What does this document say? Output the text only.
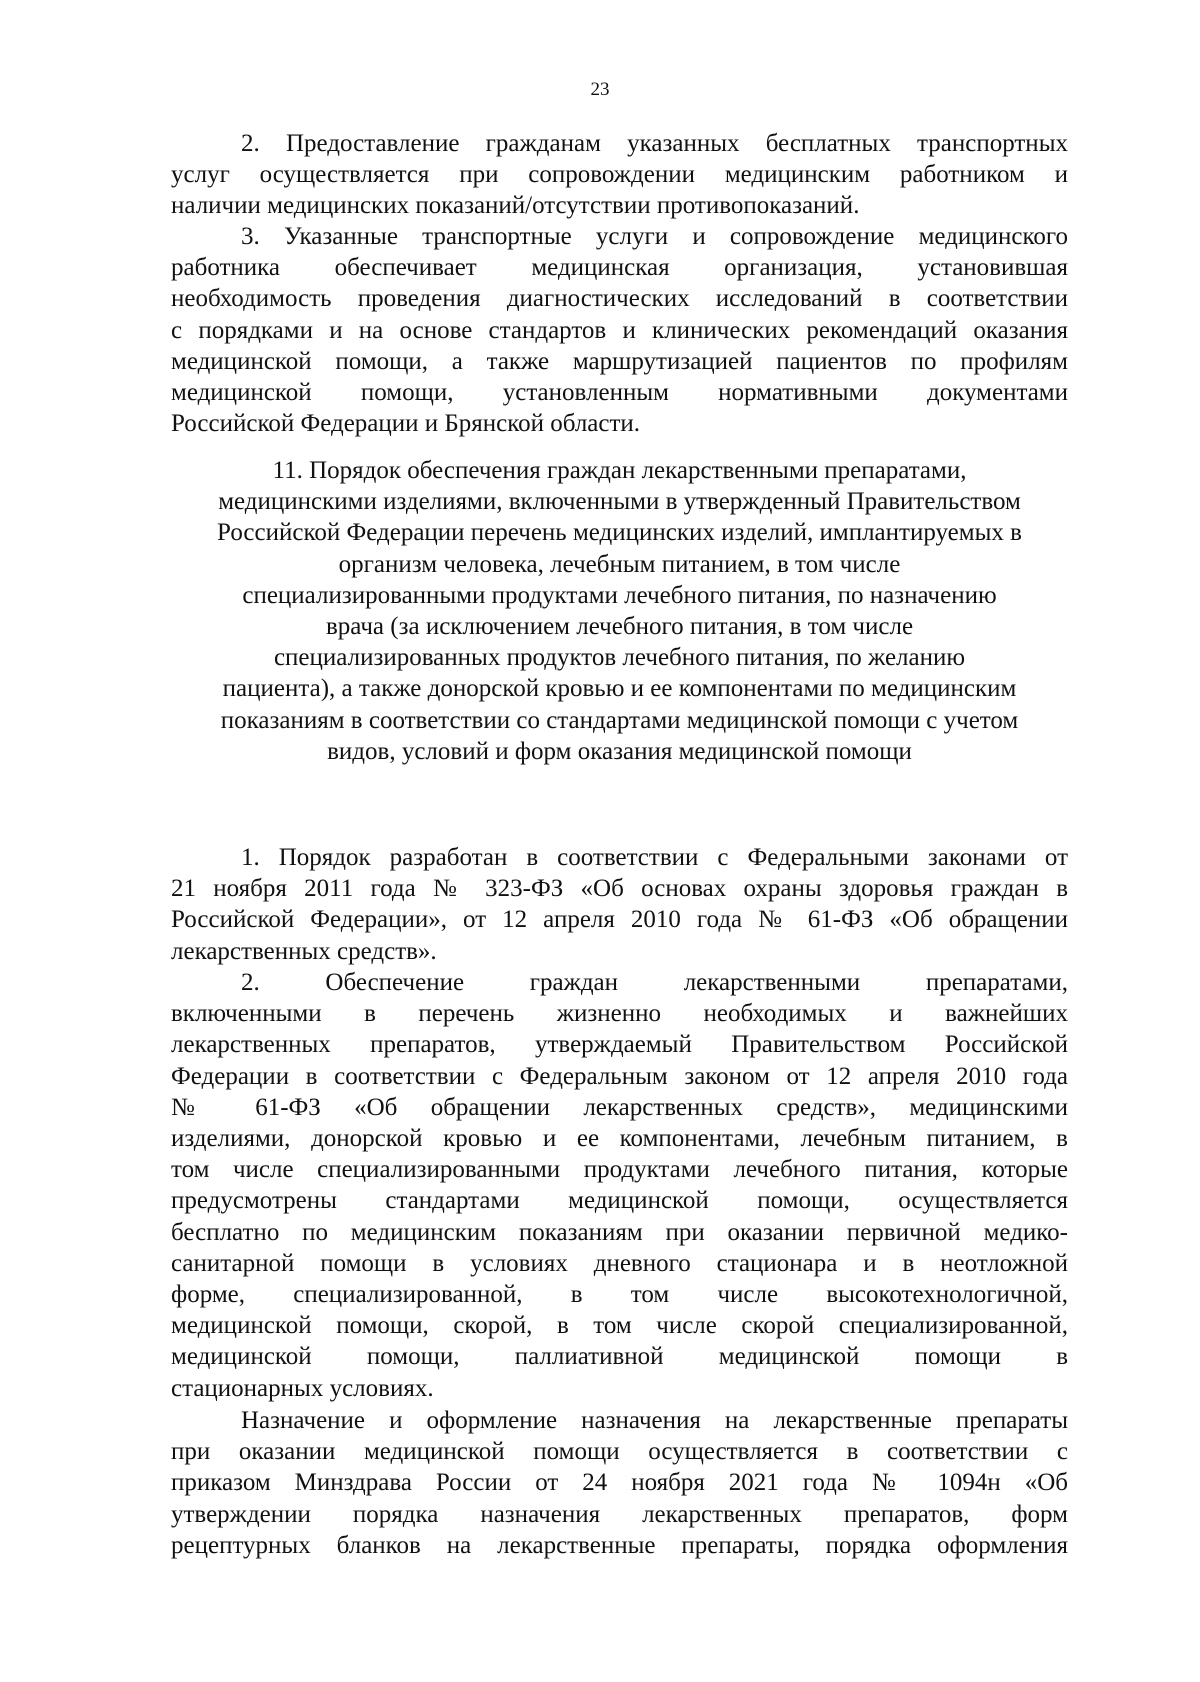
23
2. Предоставление гражданам указанных бесплатных транспортных
услуг осуществляется при сопровождении медицинским работником и
наличии медицинских показаний/отсутствии противопоказаний.
3. Указанные транспортные услуги и сопровождение медицинского
работника обеспечивает медицинская организация, установившая
необходимость проведения диагностических исследований в соответствии
с порядками и на основе стандартов и клинических рекомендаций оказания
медицинской помощи, а также маршрутизацией пациентов по профилям
медицинской помощи, установленным нормативными документами
Российской Федерации и Брянской области.
11. Порядок обеспечения граждан лекарственными препаратами,
медицинскими изделиями, включенными в утвержденный Правительством
Российской Федерации перечень медицинских изделий, имплантируемых в
организм человека, лечебным питанием, в том числе
специализированными продуктами лечебного питания, по назначению
врача (за исключением лечебного питания, в том числе
специализированных продуктов лечебного питания, по желанию
пациента), а также донорской кровью и ее компонентами по медицинским
показаниям в соответствии со стандартами медицинской помощи с учетом
видов, условий и форм оказания медицинской помощи
1. Порядок разработан в соответствии с Федеральными законами от
21 ноября 2011 года № 323-ФЗ «Об основах охраны здоровья граждан в
Российской Федерации», от 12 апреля 2010 года № 61-ФЗ «Об обращении
лекарственных средств».
2. Обеспечение граждан лекарственными препаратами,
включенными в перечень жизненно необходимых и важнейших
лекарственных препаратов, утверждаемый Правительством Российской
Федерации в соответствии с Федеральным законом от 12 апреля 2010 года
№ 61-ФЗ «Об обращении лекарственных средств», медицинскими
изделиями, донорской кровью и ее компонентами, лечебным питанием, в
том числе специализированными продуктами лечебного питания, которые
предусмотрены стандартами медицинской помощи, осуществляется
бесплатно по медицинским показаниям при оказании первичной медико-
санитарной помощи в условиях дневного стационара и в неотложной
форме, специализированной, в том числе высокотехнологичной,
медицинской помощи, скорой, в том числе скорой специализированной,
медицинской помощи, паллиативной медицинской помощи в
стационарных условиях.
Назначение и оформление назначения на лекарственные препараты
при оказании медицинской помощи осуществляется в соответствии с
приказом Минздрава России от 24 ноября 2021 года № 1094н «Об
утверждении порядка назначения лекарственных препаратов, форм
рецептурных бланков на лекарственные препараты, порядка оформления
